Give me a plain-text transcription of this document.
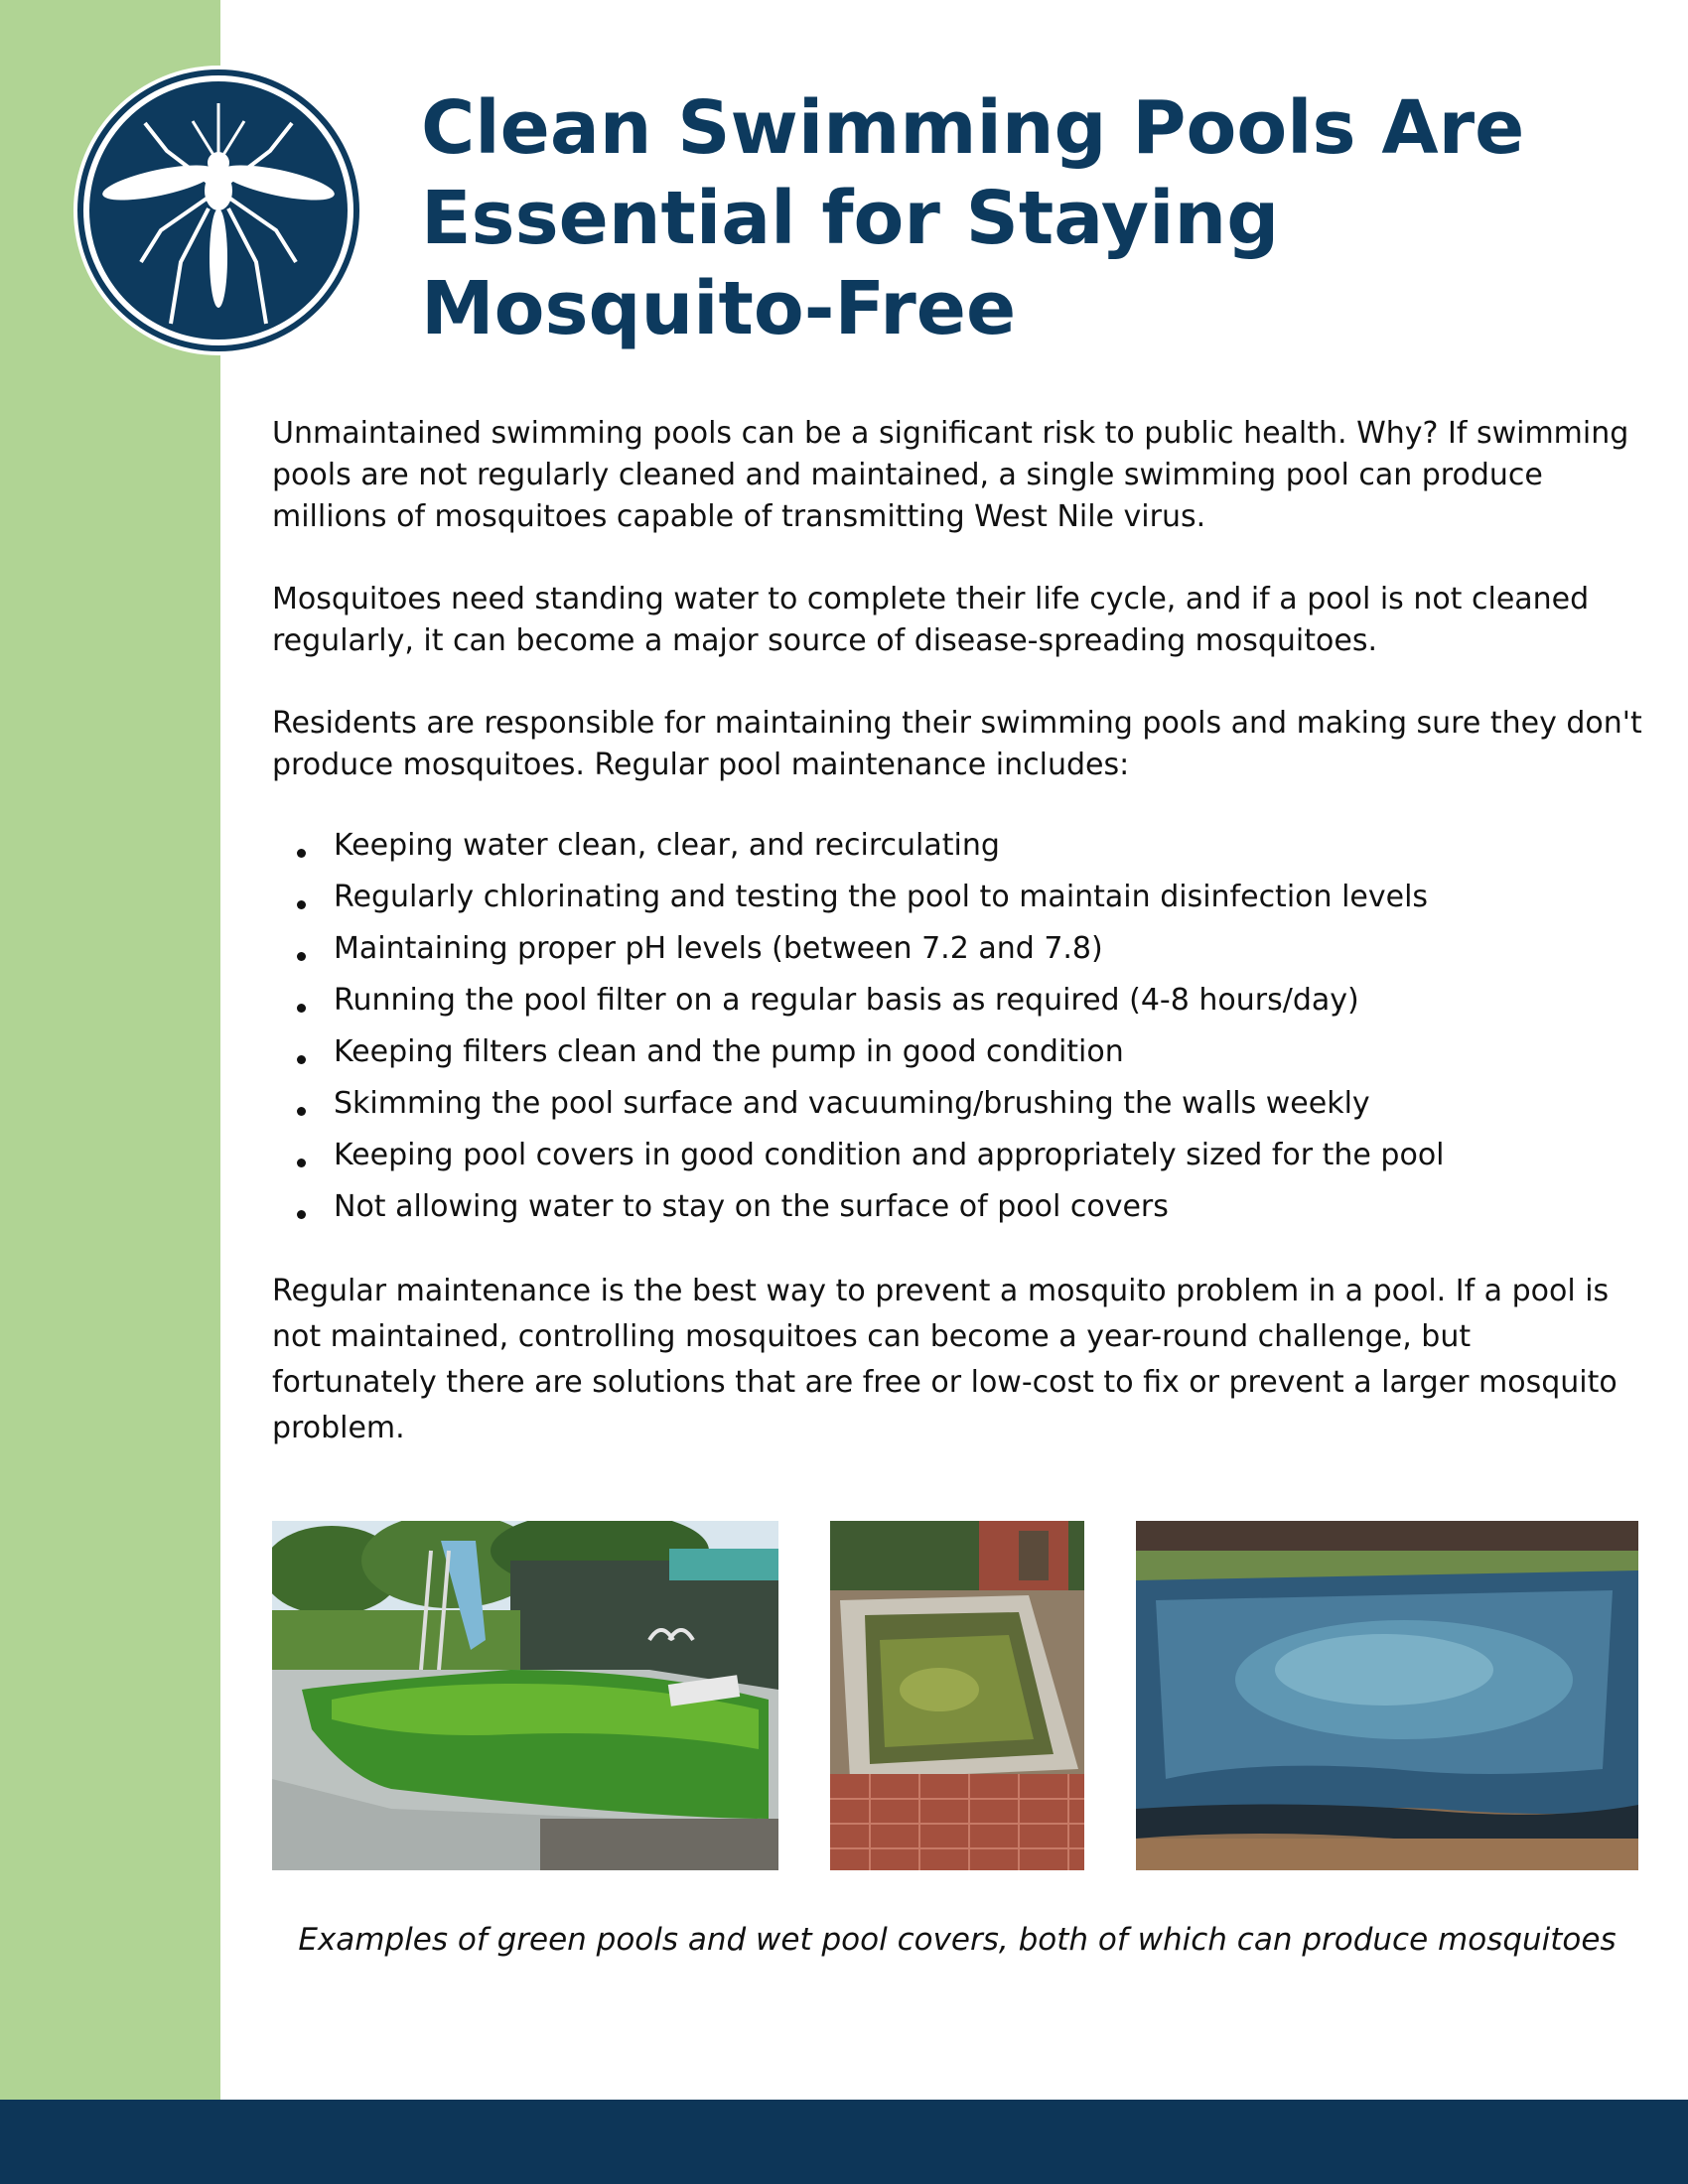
Clean Swimming Pools Are Essential for Staying Mosquito-Free

Unmaintained swimming pools can be a significant risk to public health. Why? If swimming pools are not regularly cleaned and maintained, a single swimming pool can produce millions of mosquitoes capable of transmitting West Nile virus.

Mosquitoes need standing water to complete their life cycle, and if a pool is not cleaned regularly, it can become a major source of disease-spreading mosquitoes.

Residents are responsible for maintaining their swimming pools and making sure they don't produce mosquitoes. Regular pool maintenance includes:

Keeping water clean, clear, and recirculating
Regularly chlorinating and testing the pool to maintain disinfection levels
Maintaining proper pH levels (between 7.2 and 7.8)
Running the pool filter on a regular basis as required (4-8 hours/day)
Keeping filters clean and the pump in good condition
Skimming the pool surface and vacuuming/brushing the walls weekly
Keeping pool covers in good condition and appropriately sized for the pool
Not allowing water to stay on the surface of pool covers

Regular maintenance is the best way to prevent a mosquito problem in a pool. If a pool is not maintained, controlling mosquitoes can become a year-round challenge, but fortunately there are solutions that are free or low-cost to fix or prevent a larger mosquito problem.

Examples of green pools and wet pool covers, both of which can produce mosquitoes
